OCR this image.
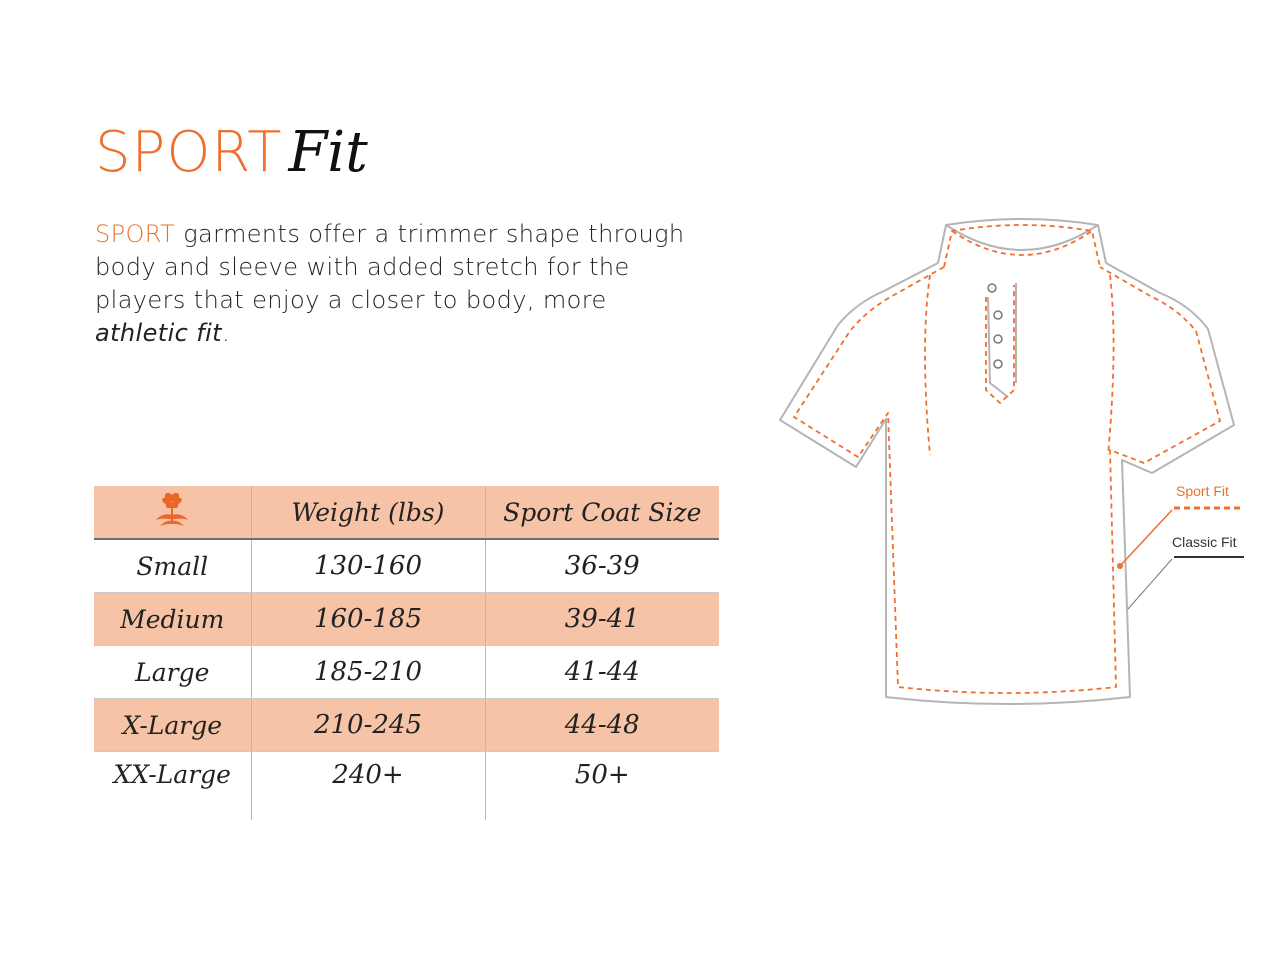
SPORT Fit
SPORT garments offer a trimmer shape through body and sleeve with added stretch for the players that enjoy a closer to body, more athletic fit.
	Weight (lbs)	Sport Coat Size
Small	130-160	36-39
Medium	160-185	39-41
Large	185-210	41-44
X-Large	210-245	44-48
XX-Large	240+	50+
Sport Fit
Classic Fit
